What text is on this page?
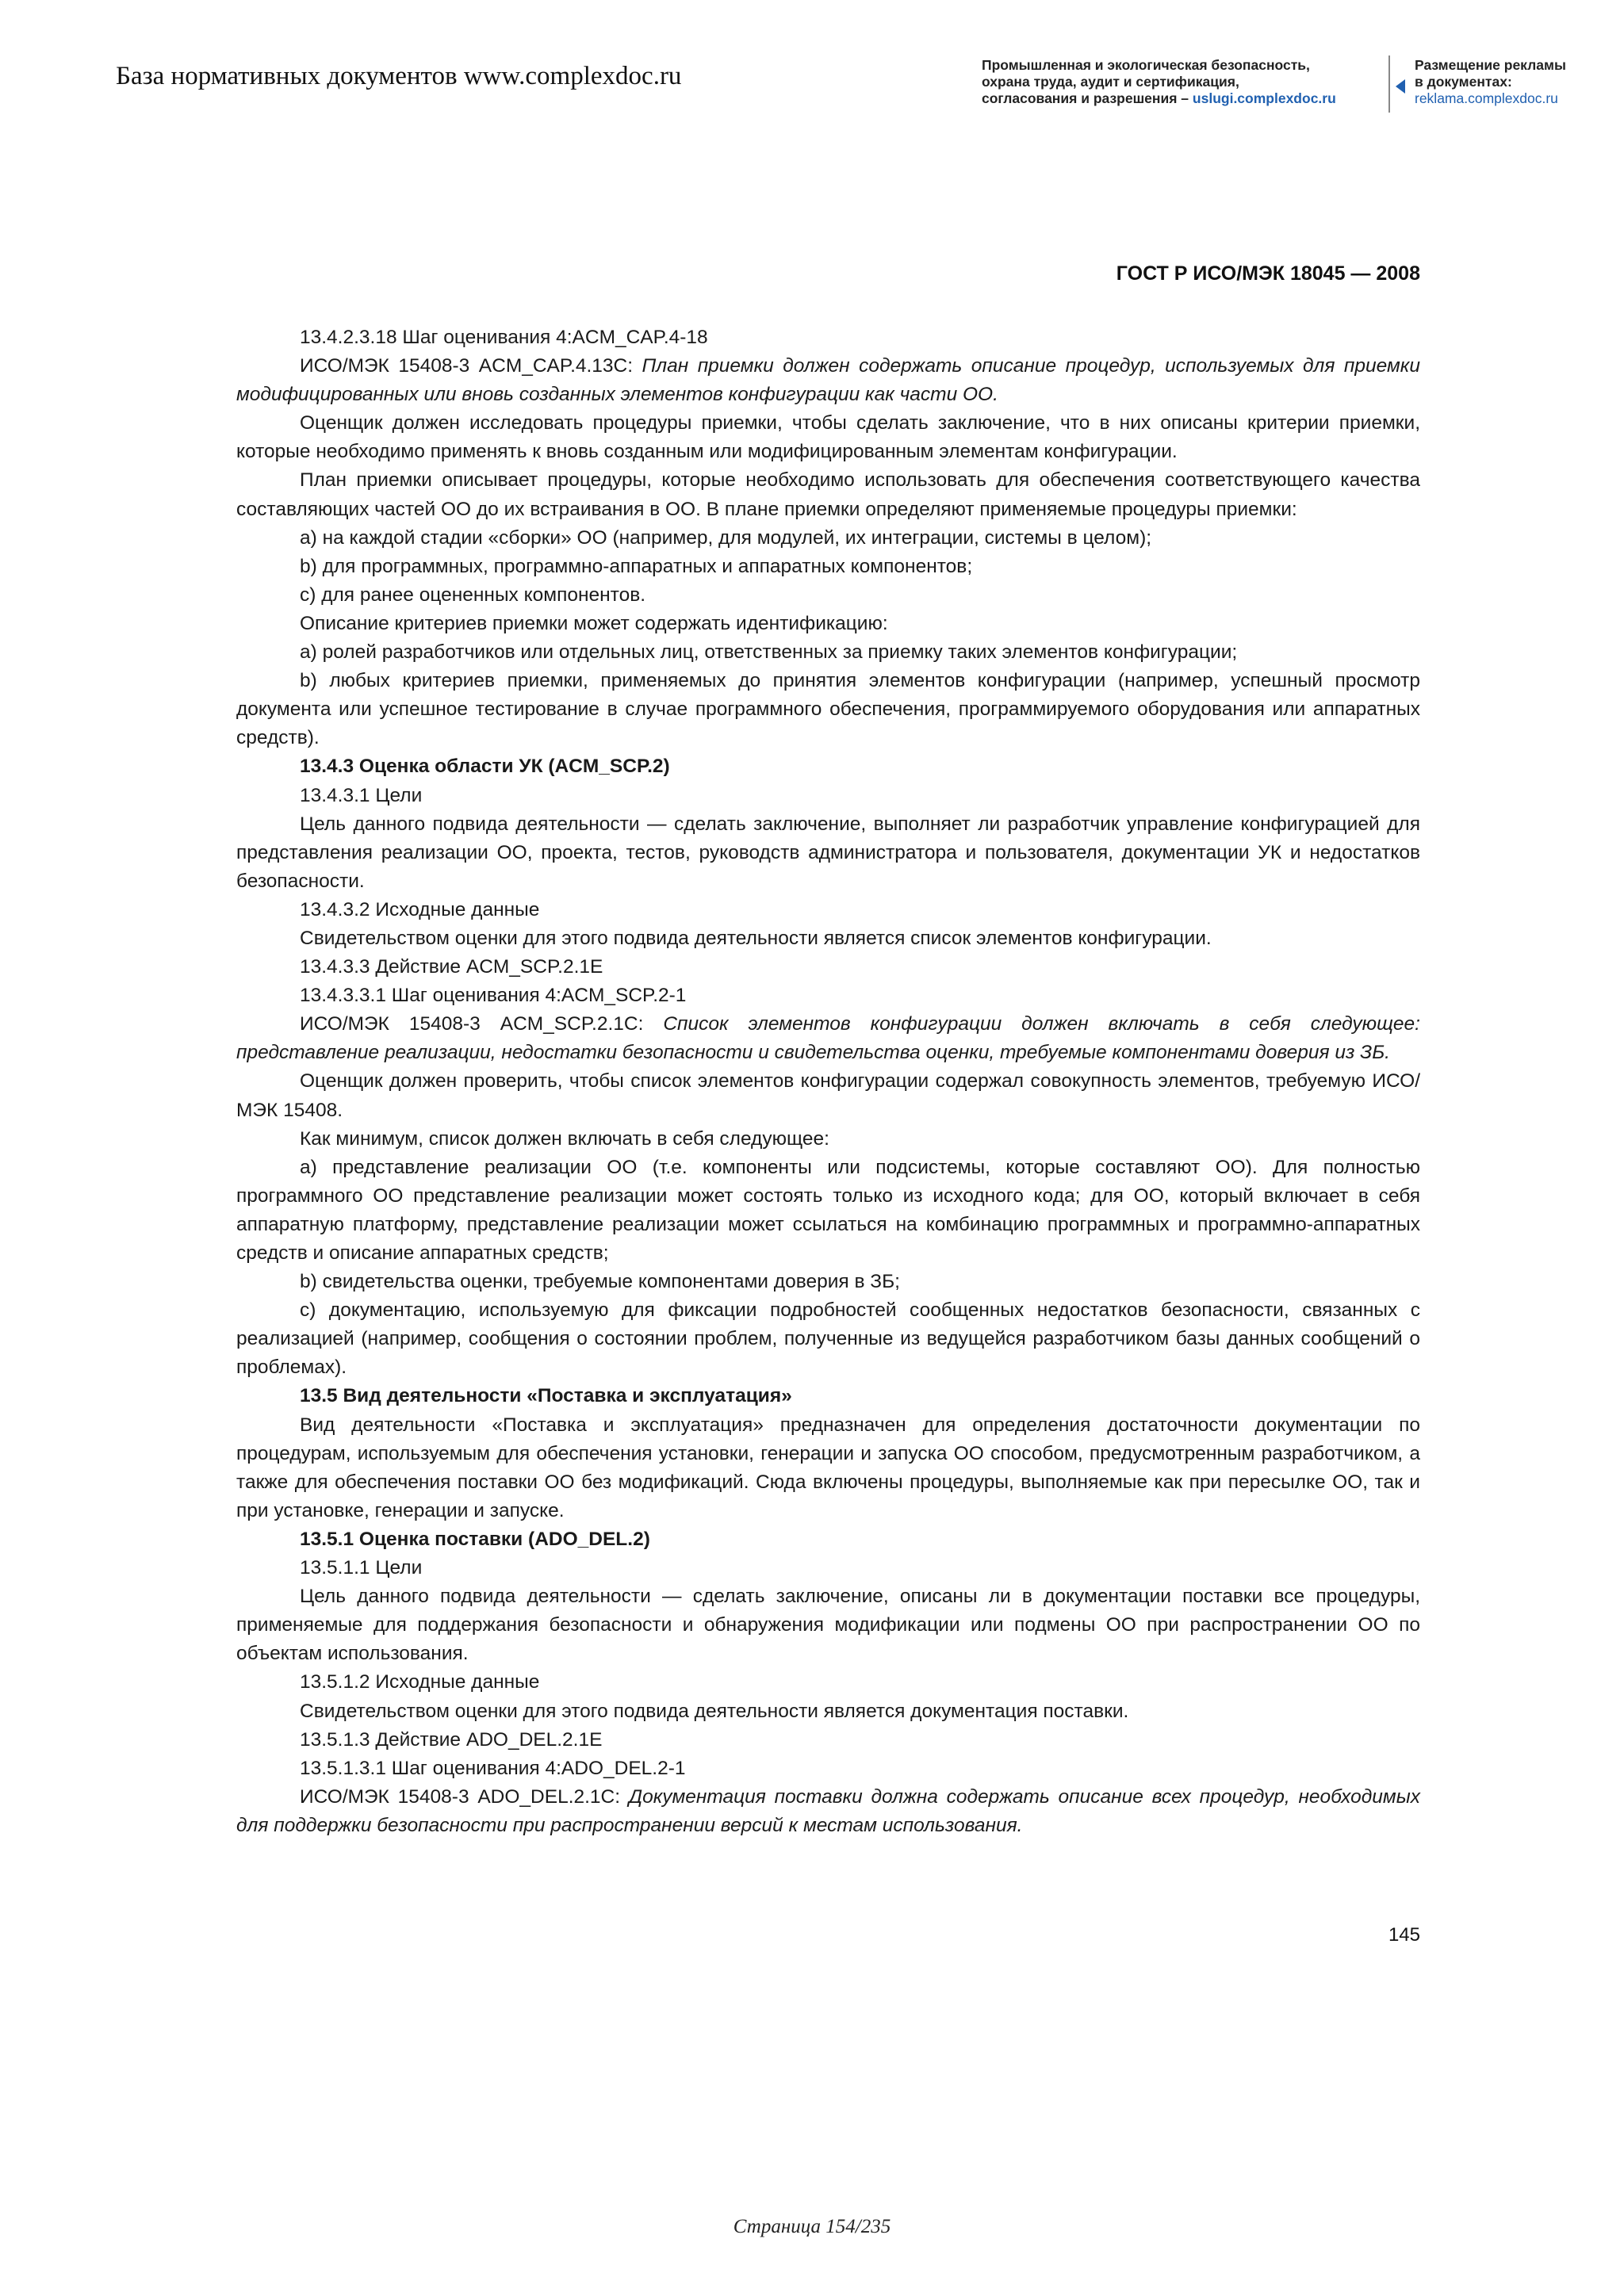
База нормативных документов www.complexdoc.ru	Промышленная и экологическая безопасность,
охрана труда, аудит и сертификация,
согласования и разрешения – uslugi.complexdoc.ru
Размещение рекламы
в документах:
reklama.complexdoc.ru
ГОСТ Р ИСО/МЭК 18045 — 2008

13.4.2.3.18 Шаг оценивания 4:ACM_CAP.4-18

ИСО/МЭК 15408-3 ACM_CAP.4.13C: План приемки должен содержать описание процедур, используемых для приемки модифицированных или вновь созданных элементов конфигурации как части ОО.

Оценщик должен исследовать процедуры приемки, чтобы сделать заключение, что в них описаны критерии приемки, которые необходимо применять к вновь созданным или модифицированным элементам конфигурации.

План приемки описывает процедуры, которые необходимо использовать для обеспечения соответствующего качества составляющих частей ОО до их встраивания в ОО. В плане приемки определяют применяемые процедуры приемки:

a) на каждой стадии «сборки» ОО (например, для модулей, их интеграции, системы в целом);

b) для программных, программно-аппаратных и аппаратных компонентов;

c) для ранее оцененных компонентов.

Описание критериев приемки может содержать идентификацию:

a) ролей разработчиков или отдельных лиц, ответственных за приемку таких элементов конфигурации;

b) любых критериев приемки, применяемых до принятия элементов конфигурации (например, успешный просмотр документа или успешное тестирование в случае программного обеспечения, программируемого оборудования или аппаратных средств).

13.4.3 Оценка области УК (ACM_SCP.2)

13.4.3.1 Цели

Цель данного подвида деятельности — сделать заключение, выполняет ли разработчик управление конфигурацией для представления реализации ОО, проекта, тестов, руководств администратора и пользователя, документации УК и недостатков безопасности.

13.4.3.2 Исходные данные

Свидетельством оценки для этого подвида деятельности является список элементов конфигурации.

13.4.3.3 Действие ACM_SCP.2.1E

13.4.3.3.1 Шаг оценивания 4:ACM_SCP.2-1

ИСО/МЭК 15408-3 ACM_SCP.2.1C: Список элементов конфигурации должен включать в себя следующее: представление реализации, недостатки безопасности и свидетельства оценки, требуемые компонентами доверия из ЗБ.

Оценщик должен проверить, чтобы список элементов конфигурации содержал совокупность элементов, требуемую ИСО/МЭК 15408.

Как минимум, список должен включать в себя следующее:

a) представление реализации ОО (т.е. компоненты или подсистемы, которые составляют ОО). Для полностью программного ОО представление реализации может состоять только из исходного кода; для ОО, который включает в себя аппаратную платформу, представление реализации может ссылаться на комбинацию программных и программно-аппаратных средств и описание аппаратных средств;

b) свидетельства оценки, требуемые компонентами доверия в ЗБ;

c) документацию, используемую для фиксации подробностей сообщенных недостатков безопасности, связанных с реализацией (например, сообщения о состоянии проблем, полученные из ведущейся разработчиком базы данных сообщений о проблемах).

13.5 Вид деятельности «Поставка и эксплуатация»

Вид деятельности «Поставка и эксплуатация» предназначен для определения достаточности документации по процедурам, используемым для обеспечения установки, генерации и запуска ОО способом, предусмотренным разработчиком, а также для обеспечения поставки ОО без модификаций. Сюда включены процедуры, выполняемые как при пересылке ОО, так и при установке, генерации и запуске.

13.5.1 Оценка поставки (ADO_DEL.2)

13.5.1.1 Цели

Цель данного подвида деятельности — сделать заключение, описаны ли в документации поставки все процедуры, применяемые для поддержания безопасности и обнаружения модификации или подмены ОО при распространении ОО по объектам использования.

13.5.1.2 Исходные данные

Свидетельством оценки для этого подвида деятельности является документация поставки.

13.5.1.3 Действие ADO_DEL.2.1E

13.5.1.3.1 Шаг оценивания 4:ADO_DEL.2-1

ИСО/МЭК 15408-3 ADO_DEL.2.1C: Документация поставки должна содержать описание всех процедур, необходимых для поддержки безопасности при распространении версий к местам использования.

145
Страница 154/235
